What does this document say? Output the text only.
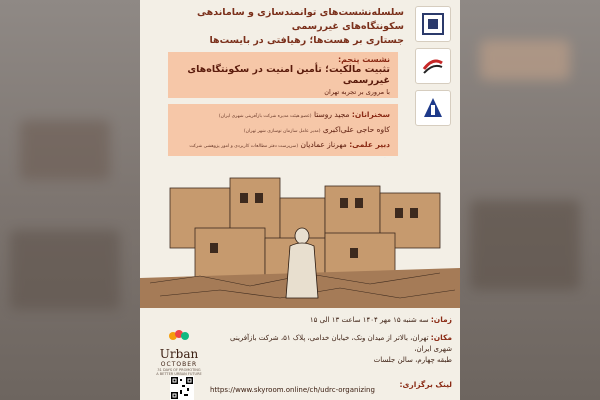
سلسله‌نشست‌های توانمندسازی و ساماندهی سکونتگاه‌های غیررسمی
جستاری بر هست‌ها؛ رهیافتی در بایست‌ها
نشست پنجم:
تثبیت مالکیت؛ تأمین امنیت در سکونتگاه‌های غیررسمی
با مروری بر تجربه تهران
سخنرانان: مجید روستا (عضو هیئت مدیره شرکت بازآفرینی شهری ایران)
کاوه حاجی علی‌اکبری (مدیر عامل سازمان نوسازی شهر تهران)
دبیر علمی: مهرناز عمادیان (سرپرست دفتر مطالعات کاربردی و امور پژوهشی شرکت
زمان: سه شنبه ۱۵ مهر ۱۴۰۴ ساعت ۱۳ الی ۱۵
مکان: تهران، بالاتر از میدان ونک، خیابان خدامی، پلاک ۵۱، شرکت بازآفرینی شهری ایران،
طبقه چهارم، سالن جلسات
Urban
OCTOBER
31 DAYS OF PROMOTING
A BETTER URBAN FUTURE
https://www.skyroom.online/ch/udrc-organizing
لینک برگزاری:
